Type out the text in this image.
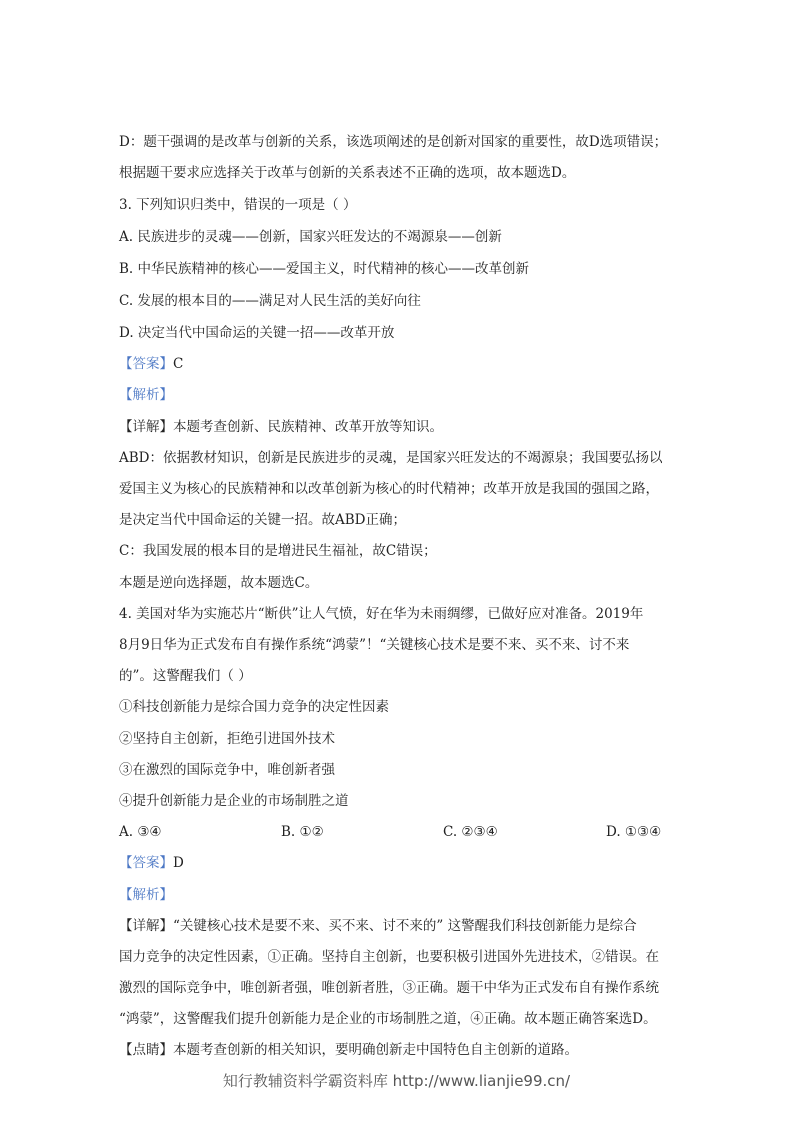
D：题干强调的是改革与创新的关系，该选项阐述的是创新对国家的重要性，故D选项错误；
根据题干要求应选择关于改革与创新的关系表述不正确的选项，故本题选D。
3. 下列知识归类中，错误的一项是（ ）
A. 民族进步的灵魂——创新，国家兴旺发达的不竭源泉——创新
B. 中华民族精神的核心——爱国主义，时代精神的核心——改革创新
C. 发展的根本目的——满足对人民生活的美好向往
D. 决定当代中国命运的关键一招——改革开放
【答案】C
【解析】
【详解】本题考查创新、民族精神、改革开放等知识。
ABD：依据教材知识，创新是民族进步的灵魂，是国家兴旺发达的不竭源泉；我国要弘扬以
爱国主义为核心的民族精神和以改革创新为核心的时代精神；改革开放是我国的强国之路，
是决定当代中国命运的关键一招。故ABD正确；
C：我国发展的根本目的是增进民生福祉，故C错误；
本题是逆向选择题，故本题选C。
4. 美国对华为实施芯片“断供”让人气愤，好在华为未雨绸缪，已做好应对准备。2019年
8月9日华为正式发布自有操作系统“鸿蒙”！“关键核心技术是要不来、买不来、讨不来
的”。这警醒我们（ ）
①科技创新能力是综合国力竞争的决定性因素
②坚持自主创新，拒绝引进国外技术
③在激烈的国际竞争中，唯创新者强
④提升创新能力是企业的市场制胜之道
A. ③④	B. ①②	C. ②③④	D. ①③④
【答案】D
【解析】
【详解】“关键核心技术是要不来、买不来、讨不来的” 这警醒我们科技创新能力是综合
国力竞争的决定性因素，①正确。坚持自主创新，也要积极引进国外先进技术，②错误。在
激烈的国际竞争中，唯创新者强，唯创新者胜，③正确。题干中华为正式发布自有操作系统
“鸿蒙”，这警醒我们提升创新能力是企业的市场制胜之道，④正确。故本题正确答案选D。
【点睛】本题考查创新的相关知识，要明确创新走中国特色自主创新的道路。
知行教辅资料学霸资料库 http://www.lianjie99.cn/
